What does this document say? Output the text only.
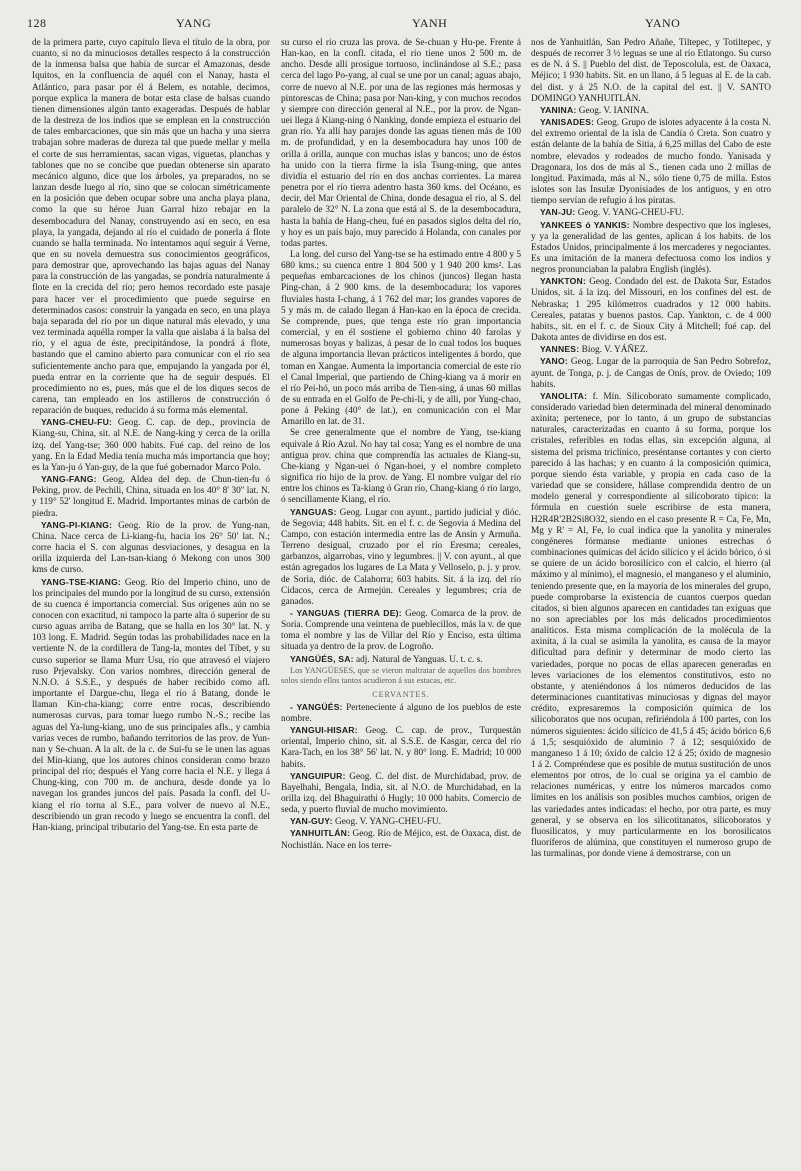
128	YANG	YANH	YANO

de la primera parte, cuyo capítulo lleva el título de la obra, por cuanto, si no da minuciosos detalles respecto á la construcción de la inmensa balsa que había de surcar el Amazonas, desde Iquitos, en la confluencia de aquél con el Nanay, hasta el Atlántico, para pasar por él á Belem, es notable, decimos, porque explica la manera de botar esta clase de balsas cuando tienen dimensiones algún tanto exageradas. Después de hablar de la destreza de los indios que se emplean en la construcción de tales embarcaciones, que sin más que un hacha y una sierra trabajan sobre maderas de dureza tal que puede mellar y mella el corte de sus herramientas, sacan vigas, viguetas, planchas y tablones que no se concibe que puedan obtenerse sin aparato mecánico alguno, dice que los árboles, ya preparados, no se lanzan desde luego al río, sino que se colocan simétricamente en la posición que deben ocupar sobre una ancha playa plana, como la que su héroe Juan Garral hizo rebajar en la desembocadura del Nanay, construyendo así en seco, en esa playa, la yangada, dejando al río el cuidado de ponerla á flote cuando se halla terminada. No intentamos aquí seguir á Verne, que en su novela demuestra sus conocimientos geográficos, para demostrar que, aprovechando las bajas aguas del Nanay para la construcción de las yangadas, se pondría naturalmente á flote en la crecida del río; pero hemos recordado este pasaje para hacer ver el procedimiento que puede seguirse en determinados casos: construir la yangada en seco, en una playa baja separada del río por un dique natural más elevado, y una vez terminada aquélla romper la valla que aislaba á la balsa del río, y el agua de éste, precipitándose, la pondrá á flote, bastando que el camino abierto para comunicar con el río sea suficientemente ancho para que, empujando la yangada por él, pueda entrar en la corriente que ha de seguir después. El procedimiento no es, pues, más que el de los diques secos de carena, tan empleado en los astilleros de construcción ó reparación de buques, reducido á su forma más elemental.

YANG-CHEU-FU: Geog. C. cap. de dep., provincia de Kiang-su, China, sit. al N.E. de Nang-king y cerca de la orilla izq. del Yang-tse; 360 000 habits. Fué cap. del reino de los yang. En la Edad Media tenía mucha más importancia que hoy; es la Yan-ju ó Yan-guy, de la que fué gobernador Marco Polo.

YANG-FANG: Geog. Aldea del dep. de Chun-tien-fu ó Peking, prov. de Pechili, China, situada en los 40° 8' 30'' lat. N. y 119° 52' longitud E. Madrid. Importantes minas de carbón de piedra.

YANG-PI-KIANG: Geog. Río de la prov. de Yung-nan, China. Nace cerca de Li-kiang-fu, hacia los 26° 50' lat. N.; corre hacia el S. con algunas desviaciones, y desagua en la orilla izquierda del Lan-tsan-kiang ó Mekong con unos 300 kms de curso.

YANG-TSE-KIANG: Geog. Río del Imperio chino, uno de los principales del mundo por la longitud de su curso, extensión de su cuenca é importancia comercial. Sus orígenes aún no se conocen con exactitud, ni tampoco la parte alta ó superior de su curso aguas arriba de Batang, que se halla en los 30° lat. N. y 103 long. E. Madrid. Según todas las probabilidades nace en la vertiente N. de la cordillera de Tang-la, montes del Tíbet, y su curso superior se llama Murr Usu, río que atravesó el viajero ruso Prjevalsky. Con varios nombres, dirección general de N.N.O. á S.S.E., y después de haber recibido como afl. importante el Dargue-chu, llega el río á Batang, donde le llaman Kin-cha-kiang; corre entre rocas, describiendo numerosas curvas, para tomar luego rumbo N.-S.; recibe las aguas del Ya-lung-kiang, uno de sus principales afls., y cambia varias veces de rumbo, bañando territorios de las prov. de Yun-nan y Se-chuan. A la alt. de la c. de Sui-fu se le unen las aguas del Min-kiang, que los autores chinos consideran como brazo principal del río; después el Yang corre hacia el N.E. y llega á Chung-king, con 700 m. de anchura, desde donde ya lo navegan los grandes juncos del país. Pasada la confl. del U-kiang el río torna al S.E., para volver de nuevo al N.E., describiendo un gran recodo y luego se encuentra la confl. del Han-kiang, principal tributario del Yang-tse. En esta parte de

su curso el río cruza las prova. de Se-chuan y Hu-pe. Frente á Han-kao, en la confl. citada, el río tiene unos 2 500 m. de ancho. Desde allí prosigue tortuoso, inclinándose al S.E.; pasa cerca del lago Po-yang, al cual se une por un canal; aguas abajo, corre de nuevo al N.E. por una de las regiones más hermosas y pintorescas de China; pasa por Nan-king, y con muchos recodos y siempre con dirección general al N.E., por la prov. de Ngan-uei llega á Kiang-ning ó Nanking, donde empieza el estuario del gran río. Ya allí hay parajes donde las aguas tienen más de 100 m. de profundidad, y en la desembocadura hay unos 100 de orilla á orilla, aunque con muchas islas y bancos; uno de éstos ha unido con la tierra firme la isla Tsung-ming, que antes dividía el estuario del río en dos anchas corrientes. La marea penetra por el río tierra adentro hasta 360 kms. del Océano, es decir, del Mar Oriental de China, donde desagua el río, al S. del paralelo de 32° N. La zona que está al S. de la desembocadura, hasta la bahía de Hang-cheu, fué en pasados siglos delta del río, y hoy es un país bajo, muy parecido á Holanda, con canales por todas partes.

La long. del curso del Yang-tse se ha estimado entre 4 800 y 5 680 kms.; su cuenca entre 1 804 500 y 1 940 200 kms². Las pequeñas embarcaciones de los chinos (juncos) llegan hasta Ping-chan, á 2 900 kms. de la desembocadura; los vapores fluviales hasta I-chang, á 1 762 del mar; los grandes vapores de 5 y más m. de calado llegan á Han-kao en la época de crecida. Se comprende, pues, que tenga este río gran importancia comercial, y en él sostiene el gobierno chino 40 farolas y numerosas boyas y balizas, á pesar de lo cual todos los buques de alguna importancia llevan prácticos inteligentes á bordo, que toman en Xangae. Aumenta la importancia comercial de este río el Canal Imperial, que partiendo de Ching-kiang va á morir en el río Pei-hó, un poco más arriba de Tien-sing, á unas 60 millas de su entrada en el Golfo de Pe-chi-li, y de allí, por Yung-chao, pone á Peking (40° de lat.), en comunicación con el Mar Amarillo en lat. de 31.

Se cree generalmente que el nombre de Yang, tse-kiang equivale á Río Azul. No hay tal cosa; Yang es el nombre de una antigua prov. china que comprendía las actuales de Kiang-su, Che-kiang y Ngan-uei ó Ngan-hoei, y el nombre completo significa río hijo de la prov. de Yang. El nombre vulgar del río entre los chinos es Ta-kiang ó Gran río, Chang-kiang ó río largo, ó sencillamente Kiang, el río.

YANGUAS: Geog. Lugar con ayunt., partido judicial y dióc. de Segovia; 448 habits. Sit. en el f. c. de Segovia á Medina del Campo, con estación intermedia entre las de Ansín y Armuña. Terreno desigual, cruzado por el río Eresma; cereales, garbanzos, algarrobas, vino y legumbres. || V. con ayunt., al que están agregados los lugares de La Mata y Velloselo, p. j. y prov. de Soria, dióc. de Calahorra; 603 habits. Sit. á la izq. del río Cidacos, cerca de Armejún. Cereales y legumbres; cría de ganados.

- YANGUAS (TIERRA DE): Geog. Comarca de la prov. de Soria. Comprende una veintena de pueblecillos, más la v. de que toma el nombre y las de Villar del Río y Enciso, esta última situada ya dentro de la prov. de Logroño.

YANGÜÉS, SA: adj. Natural de Yanguas. U. t. c. s.

Los YANGÜESES, que se vieron maltratar de aquellos dos hombres solos siendo ellos tantos acudieron á sus estacas, etc.

CERVANTES.

- YANGÜÉS: Perteneciente á alguno de los pueblos de este nombre.

YANGUI-HISAR: Geog. C. cap. de prov., Turquestán oriental, Imperio chino, sit. al S.S.E. de Kasgar, cerca del río Kara-Tach, en los 38° 56' lat. N. y 80° long. E. Madrid; 10 000 habits.

YANGUIPUR: Geog. C. del dist. de Murchidabad, prov. de Bayelhahi, Bengala, India, sit. al N.O. de Murchidabad, en la orilla izq. del Bhaguirathi ó Hugly; 10 000 habits. Comercio de seda, y puerto fluvial de mucho movimiento.

YAN-GUY: Geog. V. YANG-CHEU-FU.

YANHUITLÁN: Geog. Río de Méjico, est. de Oaxaca, dist. de Nochistlán. Nace en los terre-

nos de Yanhuitlán, San Pedro Añañe, Tiltepec, y Totiltepec, y después de recorrer 3 ½ leguas se une al río Etlatongo. Su curso es de N. á S. || Pueblo del dist. de Teposcolula, est. de Oaxaca, Méjico; 1 930 habits. Sit. en un llano, á 5 leguas al E. de la cab. del dist. y á 25 N.O. de la capital del est. || V. SANTO DOMINGO YANHUITLÁN.

YANINA: Geog. V. IANINA.

YANISADES: Geog. Grupo de islotes adyacente á la costa N. del extremo oriental de la isla de Candía ó Creta. Son cuatro y están delante de la bahía de Sitia, á 6,25 millas del Cabo de este nombre, elevados y rodeados de mucho fondo. Yanisada y Dragonara, los dos de más al S., tienen cada uno 2 millas de longitud. Paximada, más al N., sólo tiene 0,75 de milla. Estos islotes son las Insulæ Dyonisiades de los antiguos, y en otro tiempo servían de refugio á los piratas.

YAN-JU: Geog. V. YANG-CHEU-FU.

YANKEES ó YANKIS: Nombre despectivo que los ingleses, y ya la generalidad de las gentes, aplican á los habits. de los Estados Unidos, principalmente á los mercaderes y negociantes. Es una imitación de la manera defectuosa como los indios y negros pronunciaban la palabra English (inglés).

YANKTON: Geog. Condado del est. de Dakota Sur, Estados Unidos, sit. á la izq. del Missouri, en los confines del est. de Nebraska; 1 295 kilómetros cuadrados y 12 000 habits. Cereales, patatas y buenos pastos. Cap. Yankton, c. de 4 000 habits., sit. en el f. c. de Sioux City á Mitchell; fué cap. del Dakota antes de dividirse en dos est.

YANNES: Biog. V. YÁÑEZ.

YANO: Geog. Lugar de la parroquia de San Pedro Sobrefoz, ayunt. de Tonga, p. j. de Cangas de Onís, prov. de Oviedo; 109 habits.

YANOLITA: f. Mín. Silicoborato sumamente complicado, considerado variedad bien determinada del mineral denominado axinita; pertenece, por lo tanto, á un grupo de substancias naturales, caracterizadas en cuanto á su forma, porque los cristales, referibles en todas ellas, sin excepción alguna, al sistema del prisma triclínico, preséntanse cortantes y con cierto parecido á las hachas; y en cuanto á la composición química, porque siendo ésta variable, y propia en cada caso de la variedad que se considere, hállase comprendida dentro de un modelo general y correspondiente al silicoborato típico: la fórmula en cuestión suele escribirse de esta manera, H2R4R'2B2Si8O32, siendo en el caso presente R = Ca, Fe, Mn, Mg y R' = Al, Fe, lo cual indica que la yanolita y minerales congéneres fórmanse mediante uniones estrechas ó combinaciones químicas del ácido silícico y el ácido bórico, ó si se quiere de un ácido borosilícico con el calcio, el hierro (al máximo y al mínimo), el magnesio, el manganeso y el aluminio, teniendo presente que, en la mayoría de los minerales del grupo, puede comprobarse la existencia de cuantos cuerpos quedan citados, si bien algunos aparecen en cantidades tan exiguas que no son apreciables por los más delicados procedimientos analíticos. Esta misma complicación de la molécula de la axinita, á la cual se asimila la yanolita, es causa de la mayor dificultad para definir y determinar de modo cierto las variedades, porque no pocas de ellas aparecen generadas en leves variaciones de los elementos constitutivos, esto no obstante, y ateniéndonos á los números deducidos de las determinaciones cuantitativas minuciosas y dignas del mayor crédito, expresaremos la composición química de los silicoboratos que nos ocupan, refiriéndola á 100 partes, con los números siguientes: ácido silícico de 41,5 á 45; ácido bórico 6,6 á 1,5; sesquióxido de aluminio 7 á 12; sesquióxido de manganeso 1 á 10; óxido de calcio 12 á 25; óxido de magnesio 1 á 2. Compréndese que es posible de mutua sustitución de unos elementos por otros, de lo cual se origina ya el cambio de relaciones numéricas, y entre los números marcados como límites en los análisis son posibles muchos cambios, origen de las variedades antes indicadas: el hecho, por otra parte, es muy general, y se observa en los silicotitanatos, silicoboratos y fluosilicatos, y muy particularmente en los borosilicatos fluoríferos de alúmina, que constituyen el numeroso grupo de las turmalinas, por donde viene á demostrarse, con un
